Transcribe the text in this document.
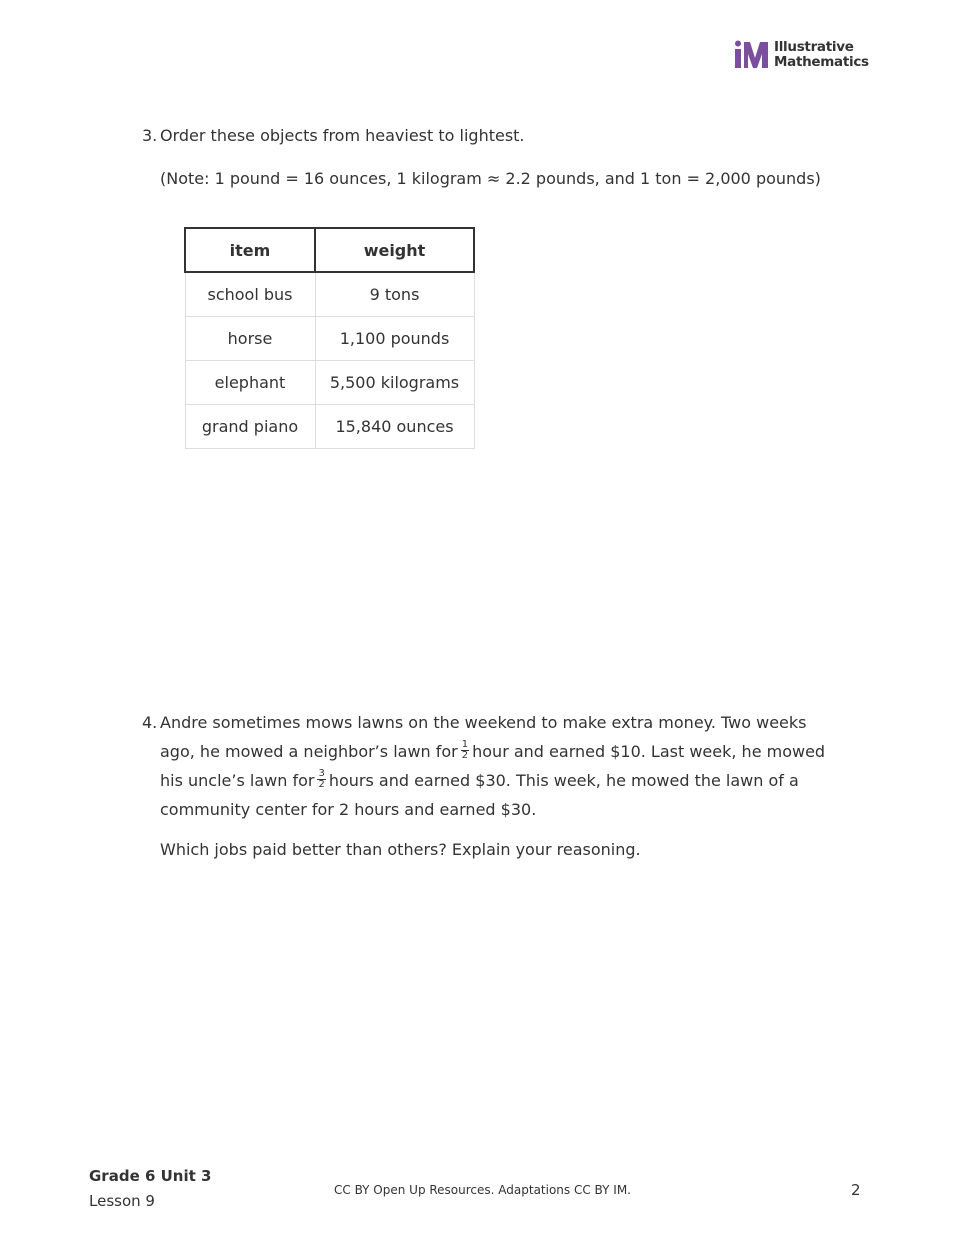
Illustrative
Mathematics
3. Order these objects from heaviest to lightest.
(Note: 1 pound = 16 ounces, 1 kilogram ≈ 2.2 pounds, and 1 ton = 2,000 pounds)
item	weight
school bus	9 tons
horse	1,100 pounds
elephant	5,500 kilograms
grand piano	15,840 ounces
4. Andre sometimes mows lawns on the weekend to make extra money. Two weeks
ago, he mowed a neighbor’s lawn for $\frac{1}{2}$ hour and earned $10. Last week, he mowed
his uncle’s lawn for $\frac{3}{2}$ hours and earned $30. This week, he mowed the lawn of a
community center for 2 hours and earned $30.
Which jobs paid better than others? Explain your reasoning.
Grade 6 Unit 3
Lesson 9
CC BY Open Up Resources. Adaptations CC BY IM.	2
